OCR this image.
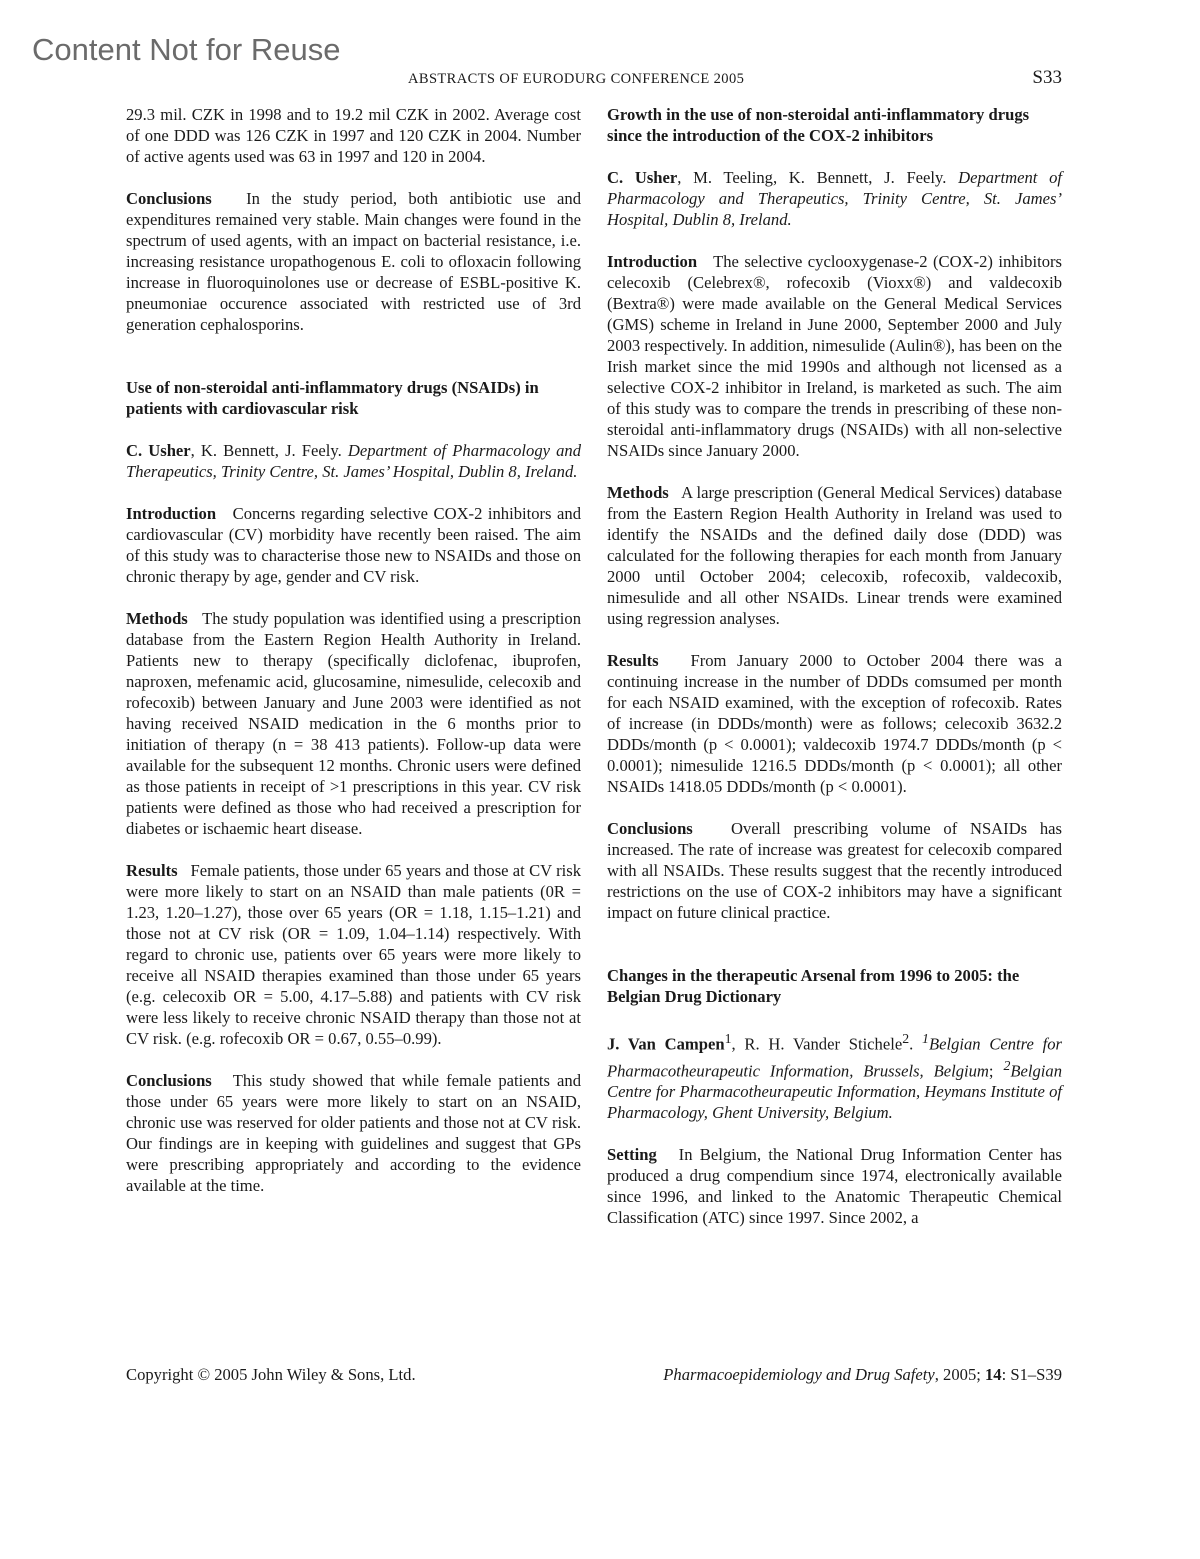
Content Not for Reuse
ABSTRACTS OF EURODURG CONFERENCE 2005	S33

29.3 mil. CZK in 1998 and to 19.2 mil CZK in 2002. Average cost of one DDD was 126 CZK in 1997 and 120 CZK in 2004. Number of active agents used was 63 in 1997 and 120 in 2004.

Conclusions In the study period, both antibiotic use and expenditures remained very stable. Main changes were found in the spectrum of used agents, with an impact on bacterial resistance, i.e. increasing resistance uropathogenous E. coli to ofloxacin following increase in fluoroquinolones use or decrease of ESBL-positive K. pneumoniae occurence associated with restricted use of 3rd generation cephalosporins.

Use of non-steroidal anti-inflammatory drugs (NSAIDs) in patients with cardiovascular risk

C. Usher, K. Bennett, J. Feely. Department of Pharmacology and Therapeutics, Trinity Centre, St. James’ Hospital, Dublin 8, Ireland.

Introduction Concerns regarding selective COX-2 inhibitors and cardiovascular (CV) morbidity have recently been raised. The aim of this study was to characterise those new to NSAIDs and those on chronic therapy by age, gender and CV risk.

Methods The study population was identified using a prescription database from the Eastern Region Health Authority in Ireland. Patients new to therapy (specifically diclofenac, ibuprofen, naproxen, mefenamic acid, glucosamine, nimesulide, celecoxib and rofecoxib) between January and June 2003 were identified as not having received NSAID medication in the 6 months prior to initiation of therapy (n = 38 413 patients). Follow-up data were available for the subsequent 12 months. Chronic users were defined as those patients in receipt of >1 prescriptions in this year. CV risk patients were defined as those who had received a prescription for diabetes or ischaemic heart disease.

Results Female patients, those under 65 years and those at CV risk were more likely to start on an NSAID than male patients (0R = 1.23, 1.20–1.27), those over 65 years (OR = 1.18, 1.15–1.21) and those not at CV risk (OR = 1.09, 1.04–1.14) respectively. With regard to chronic use, patients over 65 years were more likely to receive all NSAID therapies examined than those under 65 years (e.g. celecoxib OR = 5.00, 4.17–5.88) and patients with CV risk were less likely to receive chronic NSAID therapy than those not at CV risk. (e.g. rofecoxib OR = 0.67, 0.55–0.99).

Conclusions This study showed that while female patients and those under 65 years were more likely to start on an NSAID, chronic use was reserved for older patients and those not at CV risk. Our findings are in keeping with guidelines and suggest that GPs were prescribing appropriately and according to the evidence available at the time.

Growth in the use of non-steroidal anti-inflammatory drugs since the introduction of the COX-2 inhibitors

C. Usher, M. Teeling, K. Bennett, J. Feely. Department of Pharmacology and Therapeutics, Trinity Centre, St. James’ Hospital, Dublin 8, Ireland.

Introduction The selective cyclooxygenase-2 (COX-2) inhibitors celecoxib (Celebrex®, rofecoxib (Vioxx®) and valdecoxib (Bextra®) were made available on the General Medical Services (GMS) scheme in Ireland in June 2000, September 2000 and July 2003 respectively. In addition, nimesulide (Aulin®), has been on the Irish market since the mid 1990s and although not licensed as a selective COX-2 inhibitor in Ireland, is marketed as such. The aim of this study was to compare the trends in prescribing of these non-steroidal anti-inflammatory drugs (NSAIDs) with all non-selective NSAIDs since January 2000.

Methods A large prescription (General Medical Services) database from the Eastern Region Health Authority in Ireland was used to identify the NSAIDs and the defined daily dose (DDD) was calculated for the following therapies for each month from January 2000 until October 2004; celecoxib, rofecoxib, valdecoxib, nimesulide and all other NSAIDs. Linear trends were examined using regression analyses.

Results From January 2000 to October 2004 there was a continuing increase in the number of DDDs comsumed per month for each NSAID examined, with the exception of rofecoxib. Rates of increase (in DDDs/month) were as follows; celecoxib 3632.2 DDDs/month (p < 0.0001); valdecoxib 1974.7 DDDs/month (p < 0.0001); nimesulide 1216.5 DDDs/month (p < 0.0001); all other NSAIDs 1418.05 DDDs/month (p < 0.0001).

Conclusions Overall prescribing volume of NSAIDs has increased. The rate of increase was greatest for celecoxib compared with all NSAIDs. These results suggest that the recently introduced restrictions on the use of COX-2 inhibitors may have a significant impact on future clinical practice.

Changes in the therapeutic Arsenal from 1996 to 2005: the Belgian Drug Dictionary

J. Van Campen$^1$, R. H. Vander Stichele$^2$. $^1$Belgian Centre for Pharmacotheurapeutic Information, Brussels, Belgium; $^2$Belgian Centre for Pharmacotheurapeutic Information, Heymans Institute of Pharmacology, Ghent University, Belgium.

Setting In Belgium, the National Drug Information Center has produced a drug compendium since 1974, electronically available since 1996, and linked to the Anatomic Therapeutic Chemical Classification (ATC) since 1997. Since 2002, a

Copyright © 2005 John Wiley & Sons, Ltd.	Pharmacoepidemiology and Drug Safety, 2005; 14: S1–S39
